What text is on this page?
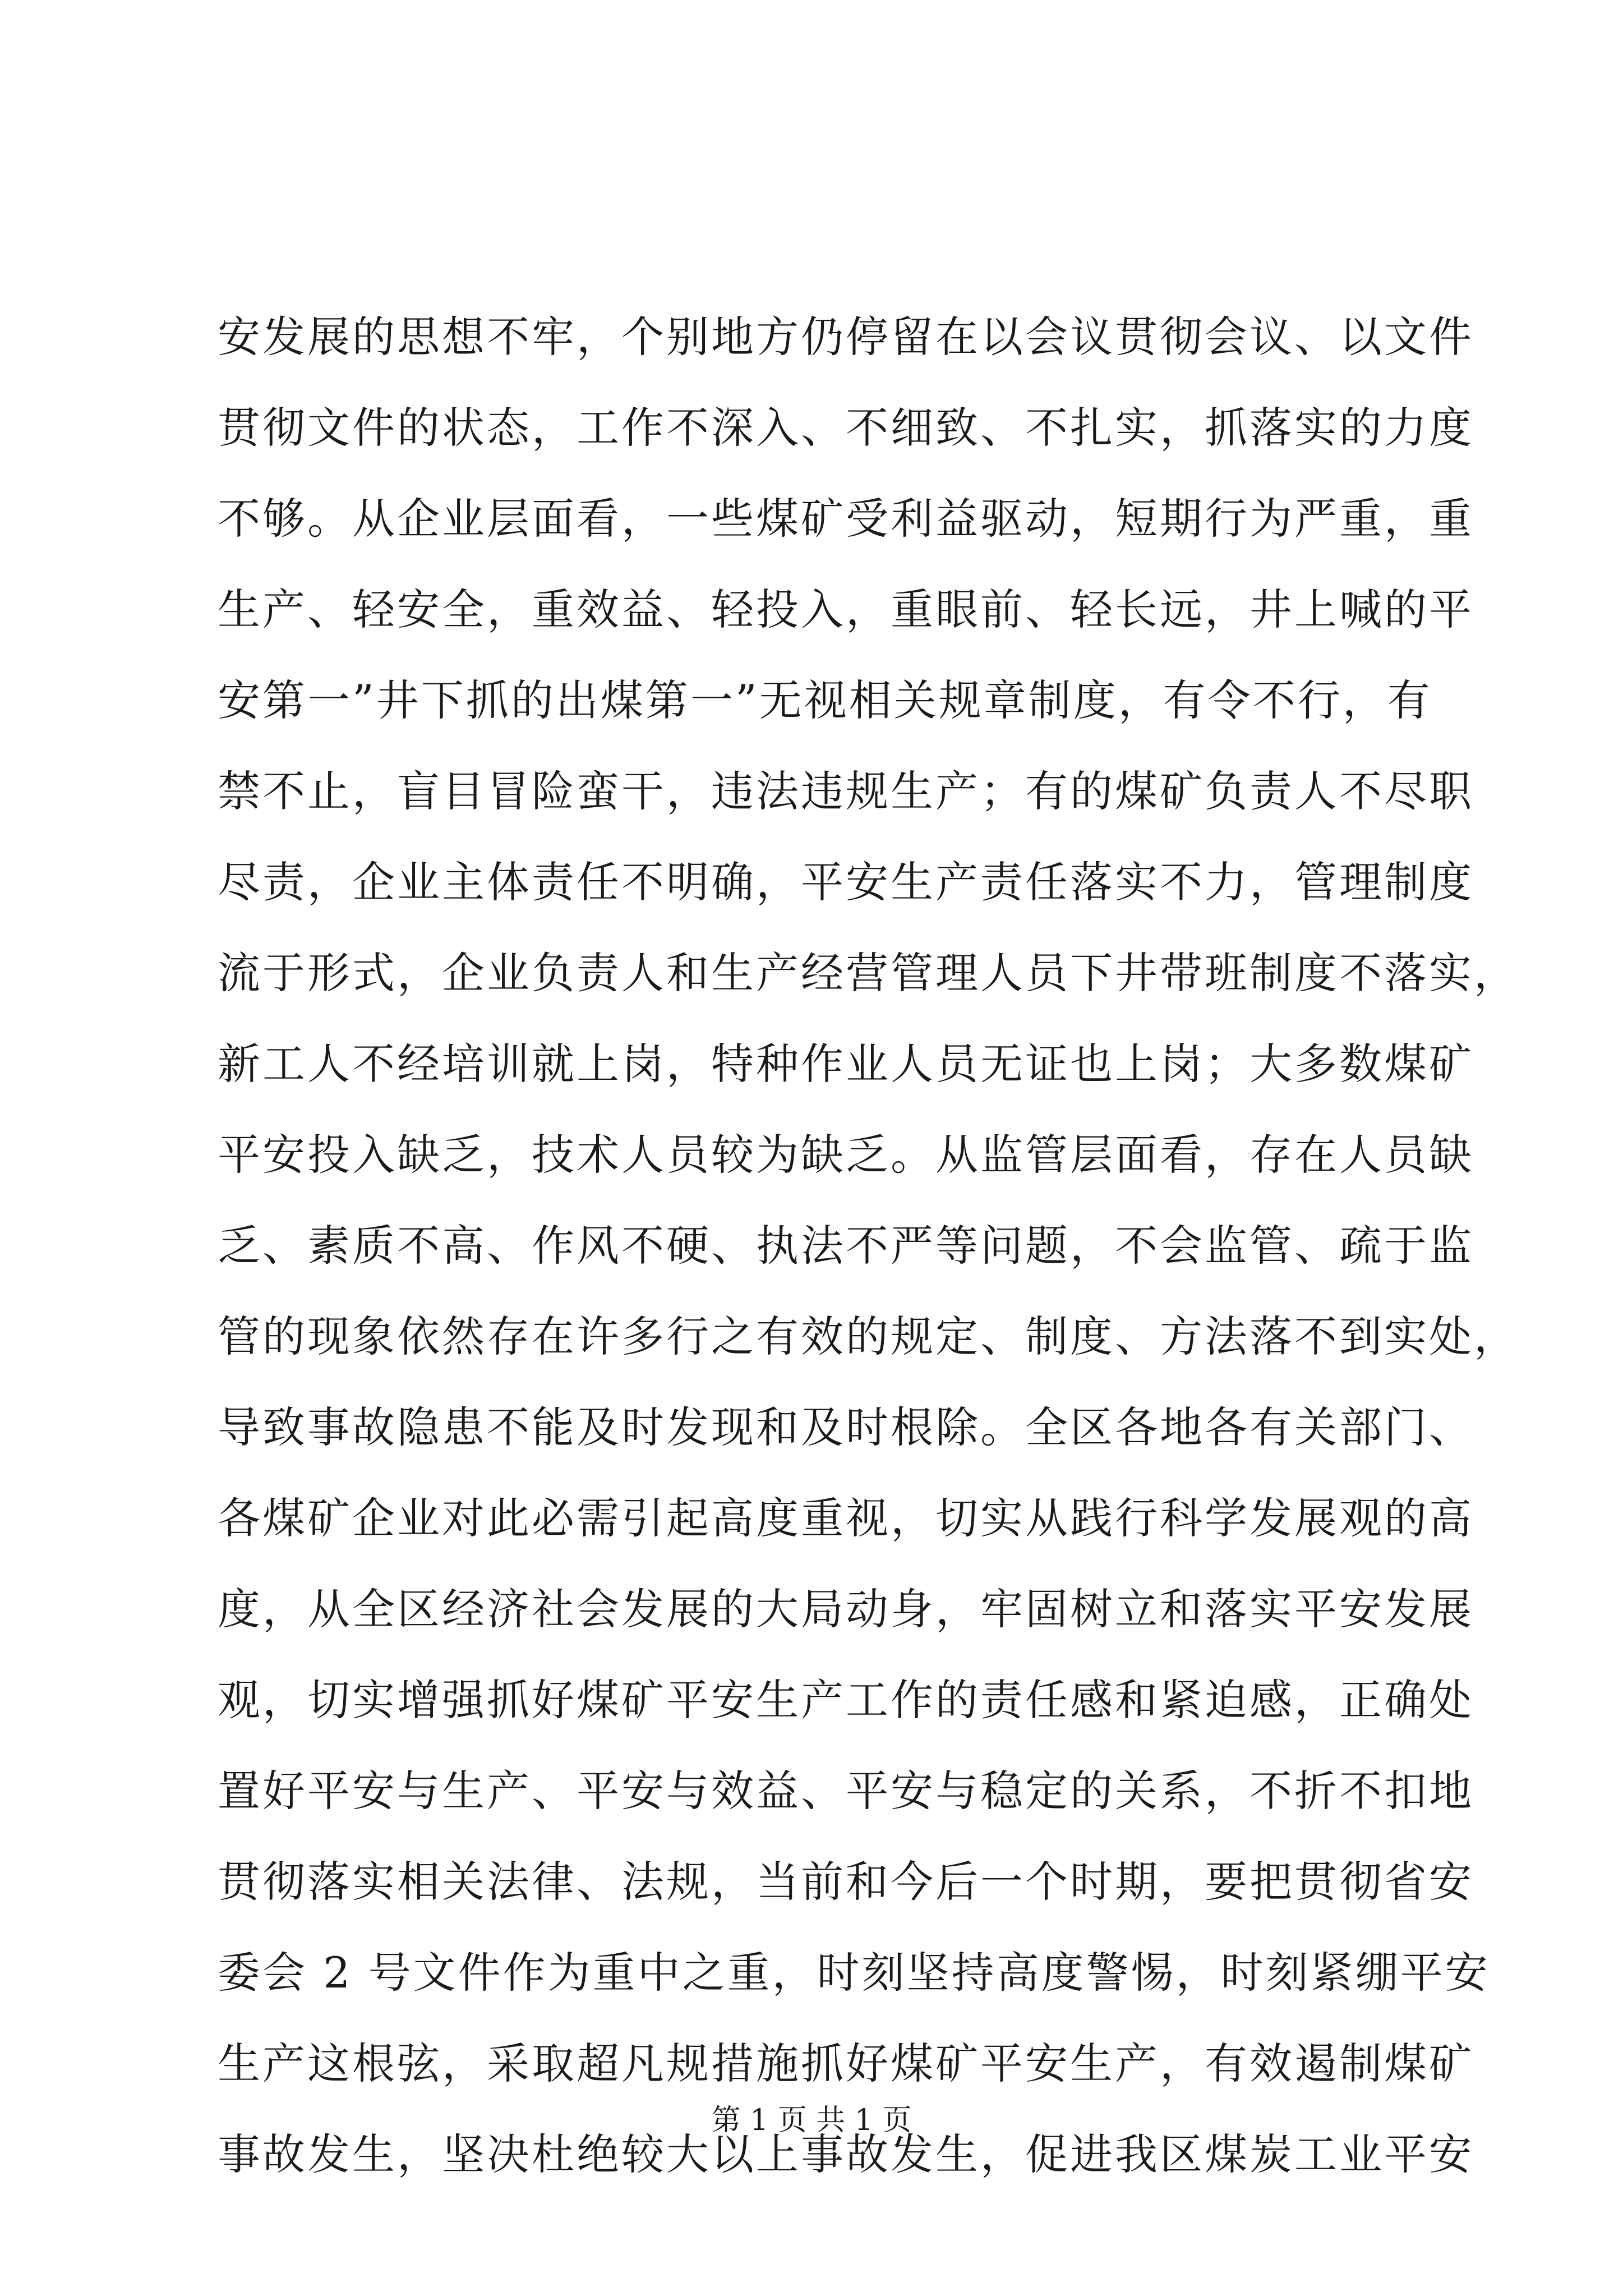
安发展的思想不牢，个别地方仍停留在以会议贯彻会议、以文件
贯彻文件的状态，工作不深入、不细致、不扎实，抓落实的力度
不够。从企业层面看，一些煤矿受利益驱动，短期行为严重，重
生产、轻安全，重效益、轻投入，重眼前、轻长远，井上喊的平
安第一”井下抓的出煤第一”无视相关规章制度，有令不行，有
禁不止，盲目冒险蛮干，违法违规生产；有的煤矿负责人不尽职
尽责，企业主体责任不明确，平安生产责任落实不力，管理制度
流于形式，企业负责人和生产经营管理人员下井带班制度不落实，
新工人不经培训就上岗，特种作业人员无证也上岗；大多数煤矿
平安投入缺乏，技术人员较为缺乏。从监管层面看，存在人员缺
乏、素质不高、作风不硬、执法不严等问题，不会监管、疏于监
管的现象依然存在许多行之有效的规定、制度、方法落不到实处，
导致事故隐患不能及时发现和及时根除。全区各地各有关部门、
各煤矿企业对此必需引起高度重视，切实从践行科学发展观的高
度，从全区经济社会发展的大局动身，牢固树立和落实平安发展
观，切实增强抓好煤矿平安生产工作的责任感和紧迫感，正确处
置好平安与生产、平安与效益、平安与稳定的关系，不折不扣地
贯彻落实相关法律、法规，当前和今后一个时期，要把贯彻省安
委会 2 号文件作为重中之重，时刻坚持高度警惕，时刻紧绷平安
生产这根弦，采取超凡规措施抓好煤矿平安生产，有效遏制煤矿
事故发生，坚决杜绝较大以上事故发生，促进我区煤炭工业平安
第 1 页 共 1 页
